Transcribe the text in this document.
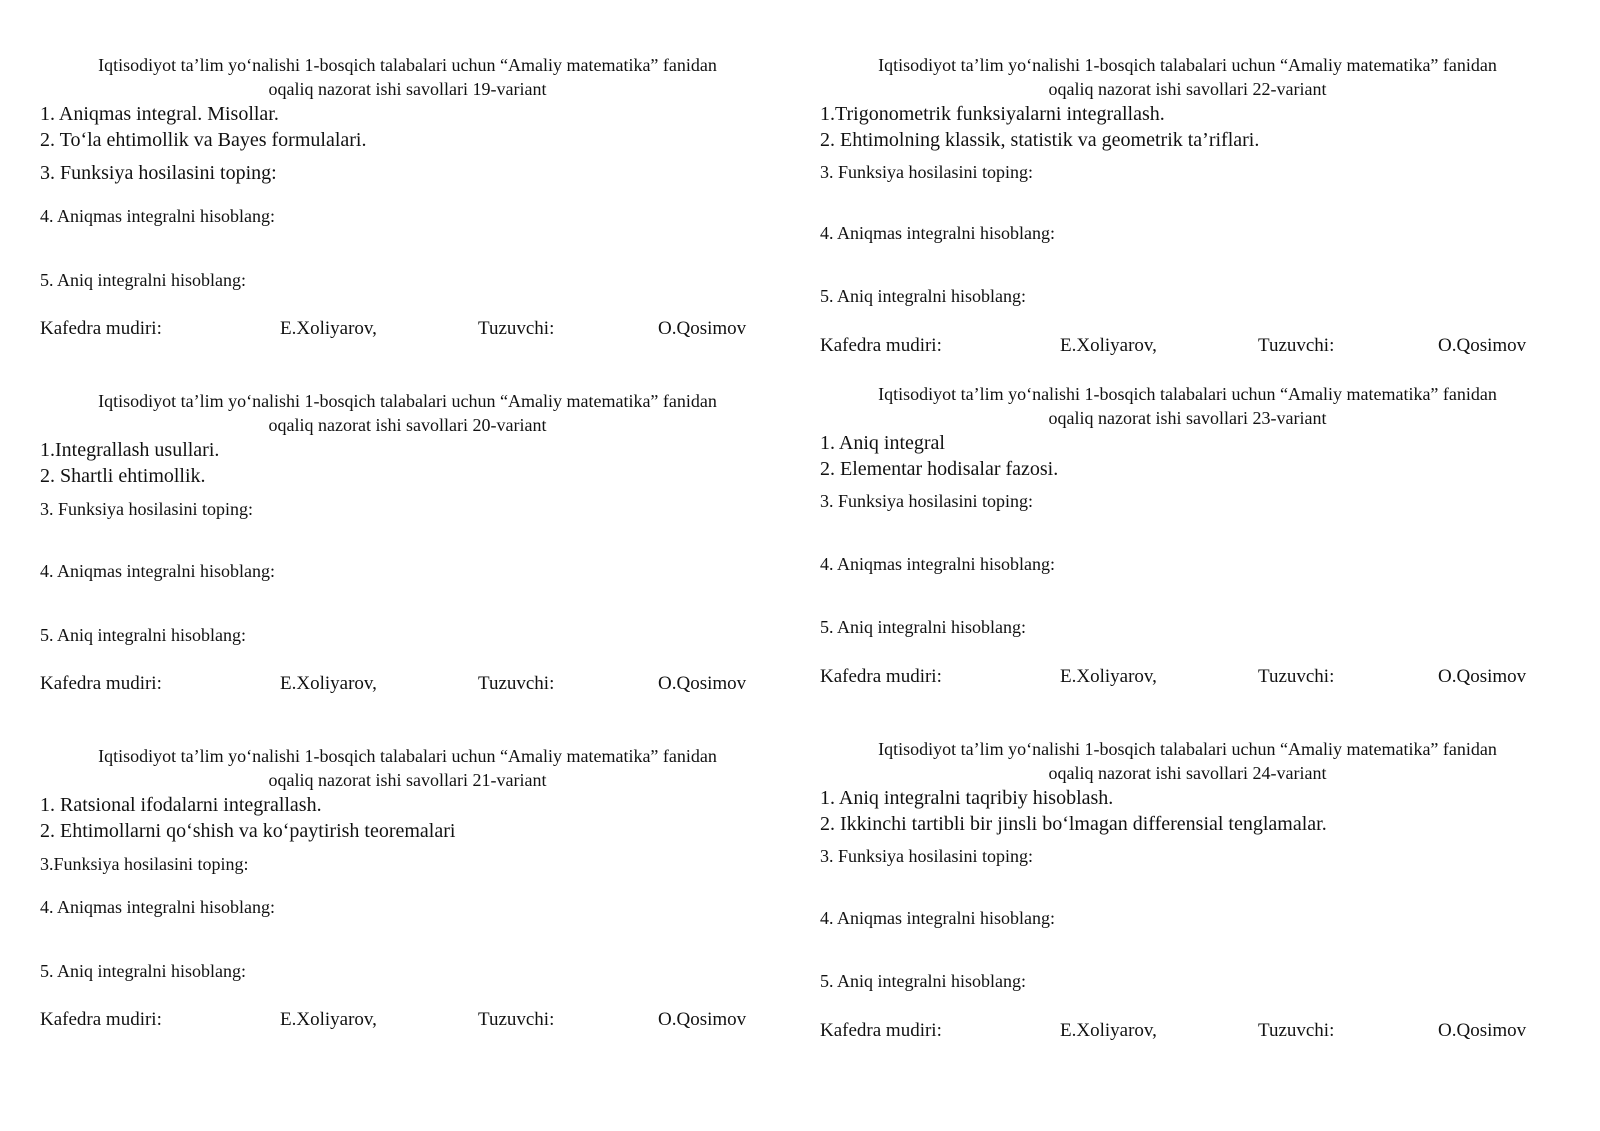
Iqtisodiyot ta’lim yo‘nalishi 1-bosqich talabalari uchun “Amaliy matematika” fanidan
oqaliq nazorat ishi savollari 19-variant
1. Aniqmas integral. Misollar.
2. To‘la ehtimollik va Bayes formulalari.
3. Funksiya hosilasini toping:
4. Aniqmas integralni hisoblang:
5. Aniq integralni hisoblang:
Kafedra mudiri:	E.Xoliyarov,	Tuzuvchi:	O.Qosimov
Iqtisodiyot ta’lim yo‘nalishi 1-bosqich talabalari uchun “Amaliy matematika” fanidan
oqaliq nazorat ishi savollari 20-variant
1.Integrallash usullari.
2. Shartli ehtimollik.
3. Funksiya hosilasini toping:
4. Aniqmas integralni hisoblang:
5. Aniq integralni hisoblang:
Kafedra mudiri:	E.Xoliyarov,	Tuzuvchi:	O.Qosimov
Iqtisodiyot ta’lim yo‘nalishi 1-bosqich talabalari uchun “Amaliy matematika” fanidan
oqaliq nazorat ishi savollari 21-variant
1. Ratsional ifodalarni integrallash.
2. Ehtimollarni qo‘shish va ko‘paytirish teoremalari
3.Funksiya hosilasini toping:
4. Aniqmas integralni hisoblang:
5. Aniq integralni hisoblang:
Kafedra mudiri:	E.Xoliyarov,	Tuzuvchi:	O.Qosimov
Iqtisodiyot ta’lim yo‘nalishi 1-bosqich talabalari uchun “Amaliy matematika” fanidan
oqaliq nazorat ishi savollari 22-variant
1.Trigonometrik funksiyalarni integrallash.
2. Ehtimolning klassik, statistik va geometrik ta’riflari.
3. Funksiya hosilasini toping:
4. Aniqmas integralni hisoblang:
5. Aniq integralni hisoblang:
Kafedra mudiri:	E.Xoliyarov,	Tuzuvchi:	O.Qosimov
Iqtisodiyot ta’lim yo‘nalishi 1-bosqich talabalari uchun “Amaliy matematika” fanidan
oqaliq nazorat ishi savollari 23-variant
1. Aniq integral
2. Elementar hodisalar fazosi.
3. Funksiya hosilasini toping:
4. Aniqmas integralni hisoblang:
5. Aniq integralni hisoblang:
Kafedra mudiri:	E.Xoliyarov,	Tuzuvchi:	O.Qosimov
Iqtisodiyot ta’lim yo‘nalishi 1-bosqich talabalari uchun “Amaliy matematika” fanidan
oqaliq nazorat ishi savollari 24-variant
1. Aniq integralni taqribiy hisoblash.
2. Ikkinchi tartibli bir jinsli bo‘lmagan differensial tenglamalar.
3. Funksiya hosilasini toping:
4. Aniqmas integralni hisoblang:
5. Aniq integralni hisoblang:
Kafedra mudiri:	E.Xoliyarov,	Tuzuvchi:	O.Qosimov
